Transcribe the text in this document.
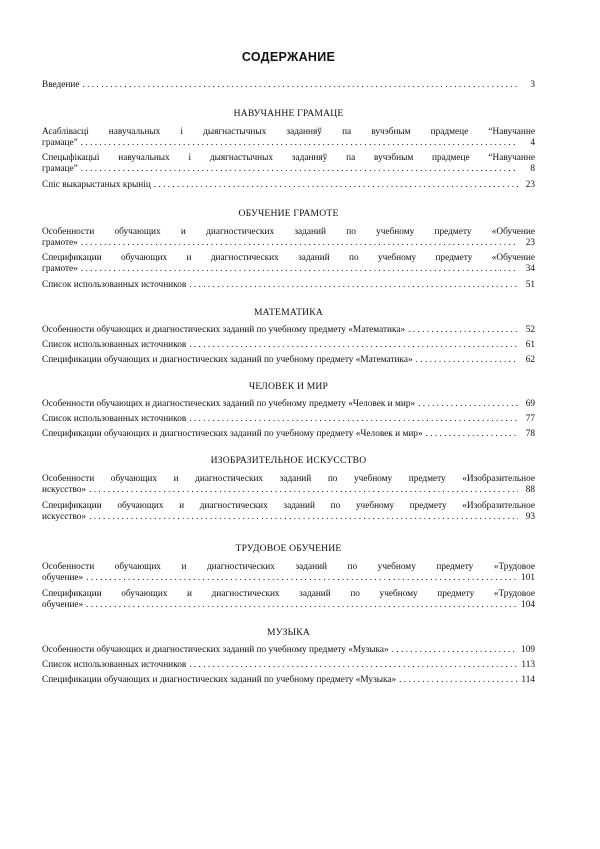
СОДЕРЖАНИЕ
Введение . . .	3
НАВУЧАННЕ ГРАМАЦЕ
Асаблівасці навучальных і дыягнастычных заданняў па вучэбным прадмеце “Навучанне
грамаце” . . .	4
Спецыфікацыі навучальных і дыягнастычных заданняў па вучэбным прадмеце “Навучанне
грамаце” . . .	8
Спіс выкарыстаных крыніц . . .	23
ОБУЧЕНИЕ ГРАМОТЕ
Особенности обучающих и диагностических заданий по учебному предмету «Обучение
грамоте» . . .	23
Спецификации обучающих и диагностических заданий по учебному предмету «Обучение
грамоте» . . .	34
Список использованных источников . . .	51
МАТЕМАТИКА
Особенности обучающих и диагностических заданий по учебному предмету «Математика» . . .	52
Список использованных источников . . .	61
Спецификации обучающих и диагностических заданий по учебному предмету «Математика» . . .	62
ЧЕЛОВЕК И МИР
Особенности обучающих и диагностических заданий по учебному предмету «Человек и мир» . . .	69
Список использованных источников . . .	77
Спецификации обучающих и диагностических заданий по учебному предмету «Человек и мир» . . .	78
ИЗОБРАЗИТЕЛЬНОЕ ИСКУССТВО
Особенности обучающих и диагностических заданий по учебному предмету «Изобразительное
искусство» . . .	88
Спецификации обучающих и диагностических заданий по учебному предмету «Изобразительное
искусство» . . .	93
ТРУДОВОЕ ОБУЧЕНИЕ
Особенности обучающих и диагностических заданий по учебному предмету «Трудовое
обучение» . . .	101
Спецификации обучающих и диагностических заданий по учебному предмету «Трудовое
обучение» . . .	104
МУЗЫКА
Особенности обучающих и диагностических заданий по учебному предмету «Музыка» . . .	109
Список использованных источников . . .	113
Спецификации обучающих и диагностических заданий по учебному предмету «Музыка» . . .	114
